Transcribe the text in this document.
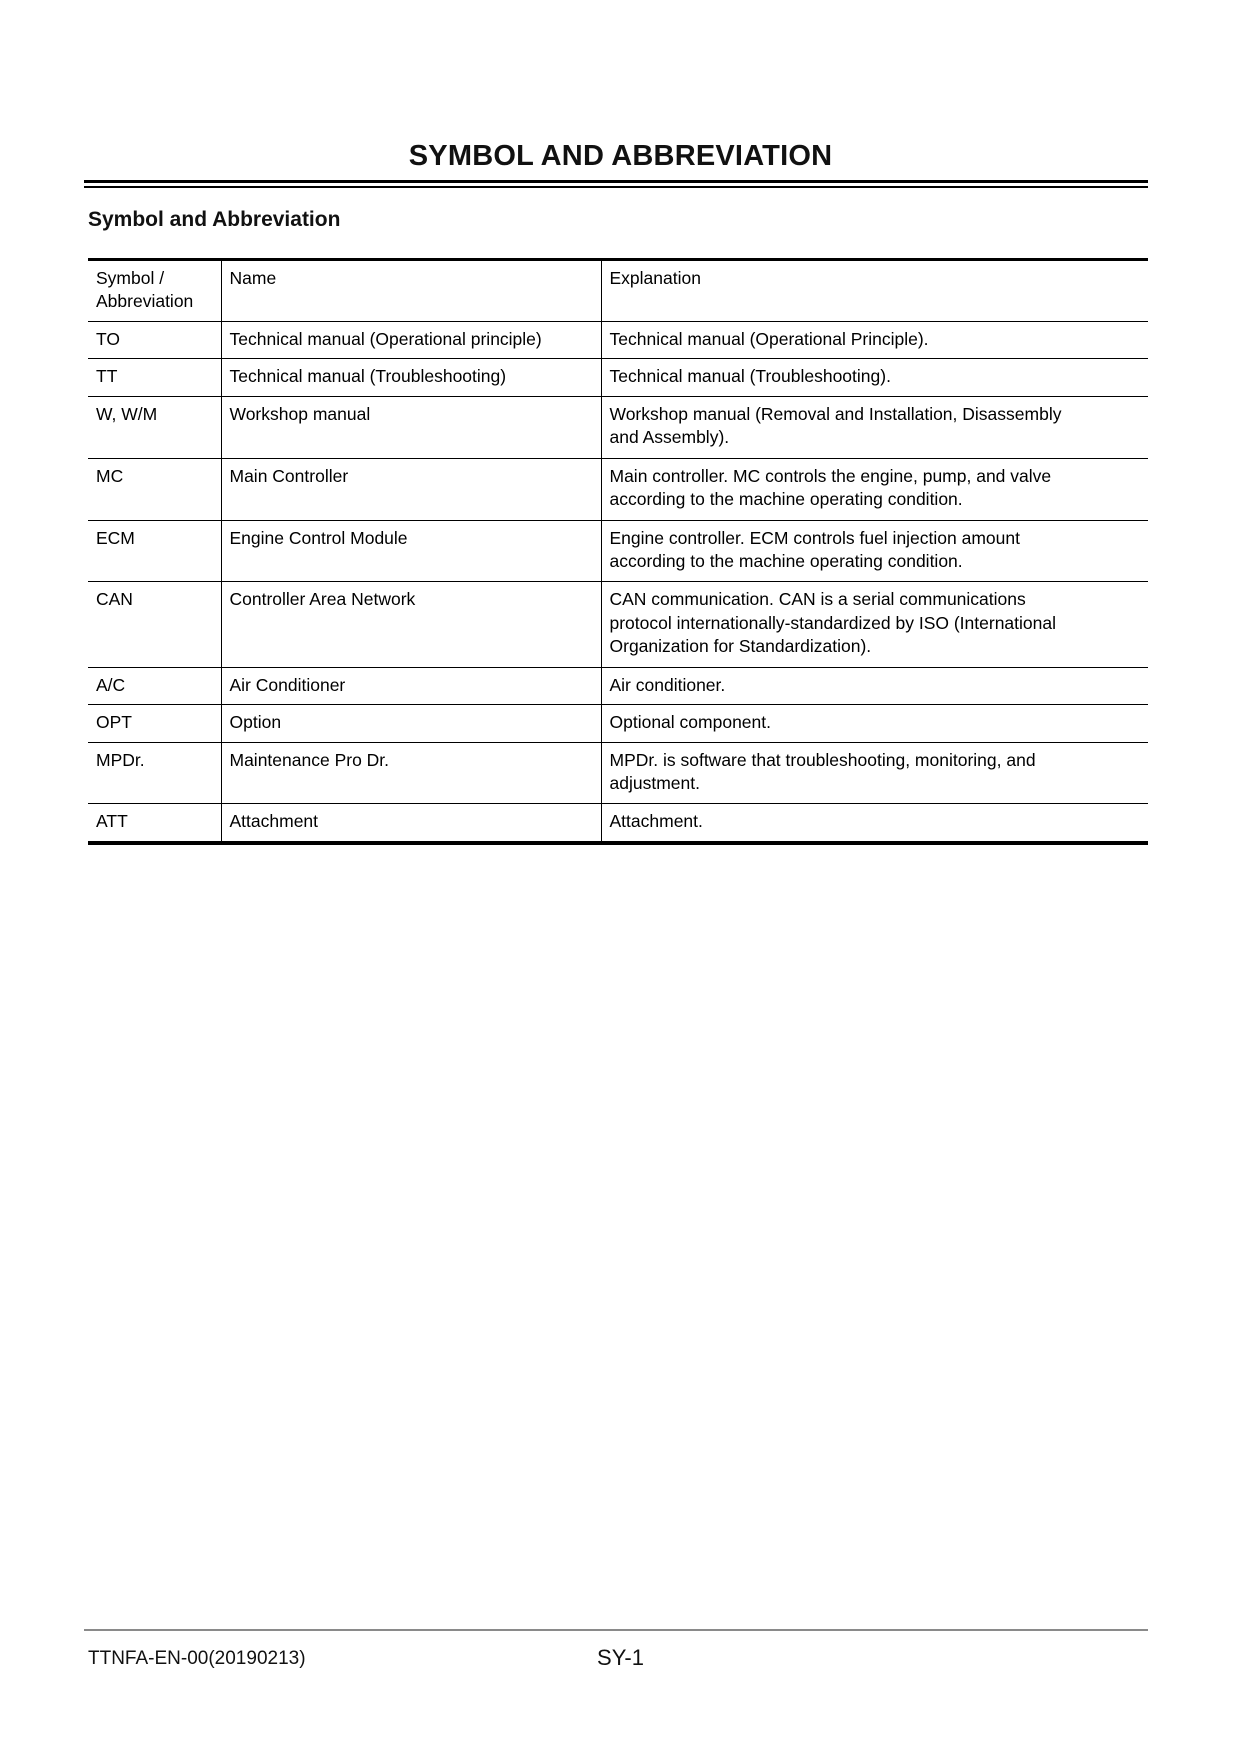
SYMBOL AND ABBREVIATION
Symbol and Abbreviation
Symbol /
Abbreviation	Name	Explanation
TO	Technical manual (Operational principle)	Technical manual (Operational Principle).

TT	Technical manual (Troubleshooting)	Technical manual (Troubleshooting).

W, W/M	Workshop manual	Workshop manual (Removal and Installation, Disassembly
and Assembly).

MC	Main Controller	Main controller. MC controls the engine, pump, and valve
according to the machine operating condition.

ECM	Engine Control Module	Engine controller. ECM controls fuel injection amount
according to the machine operating condition.

CAN	Controller Area Network	CAN communication. CAN is a serial communications
protocol internationally-standardized by ISO (International
Organization for Standardization).

A/C	Air Conditioner	Air conditioner.

OPT	Option	Optional component.

MPDr.	Maintenance Pro Dr.	MPDr. is software that troubleshooting, monitoring, and
adjustment.

ATT	Attachment	Attachment.
TTNFA-EN-00(20190213)	SY-1
